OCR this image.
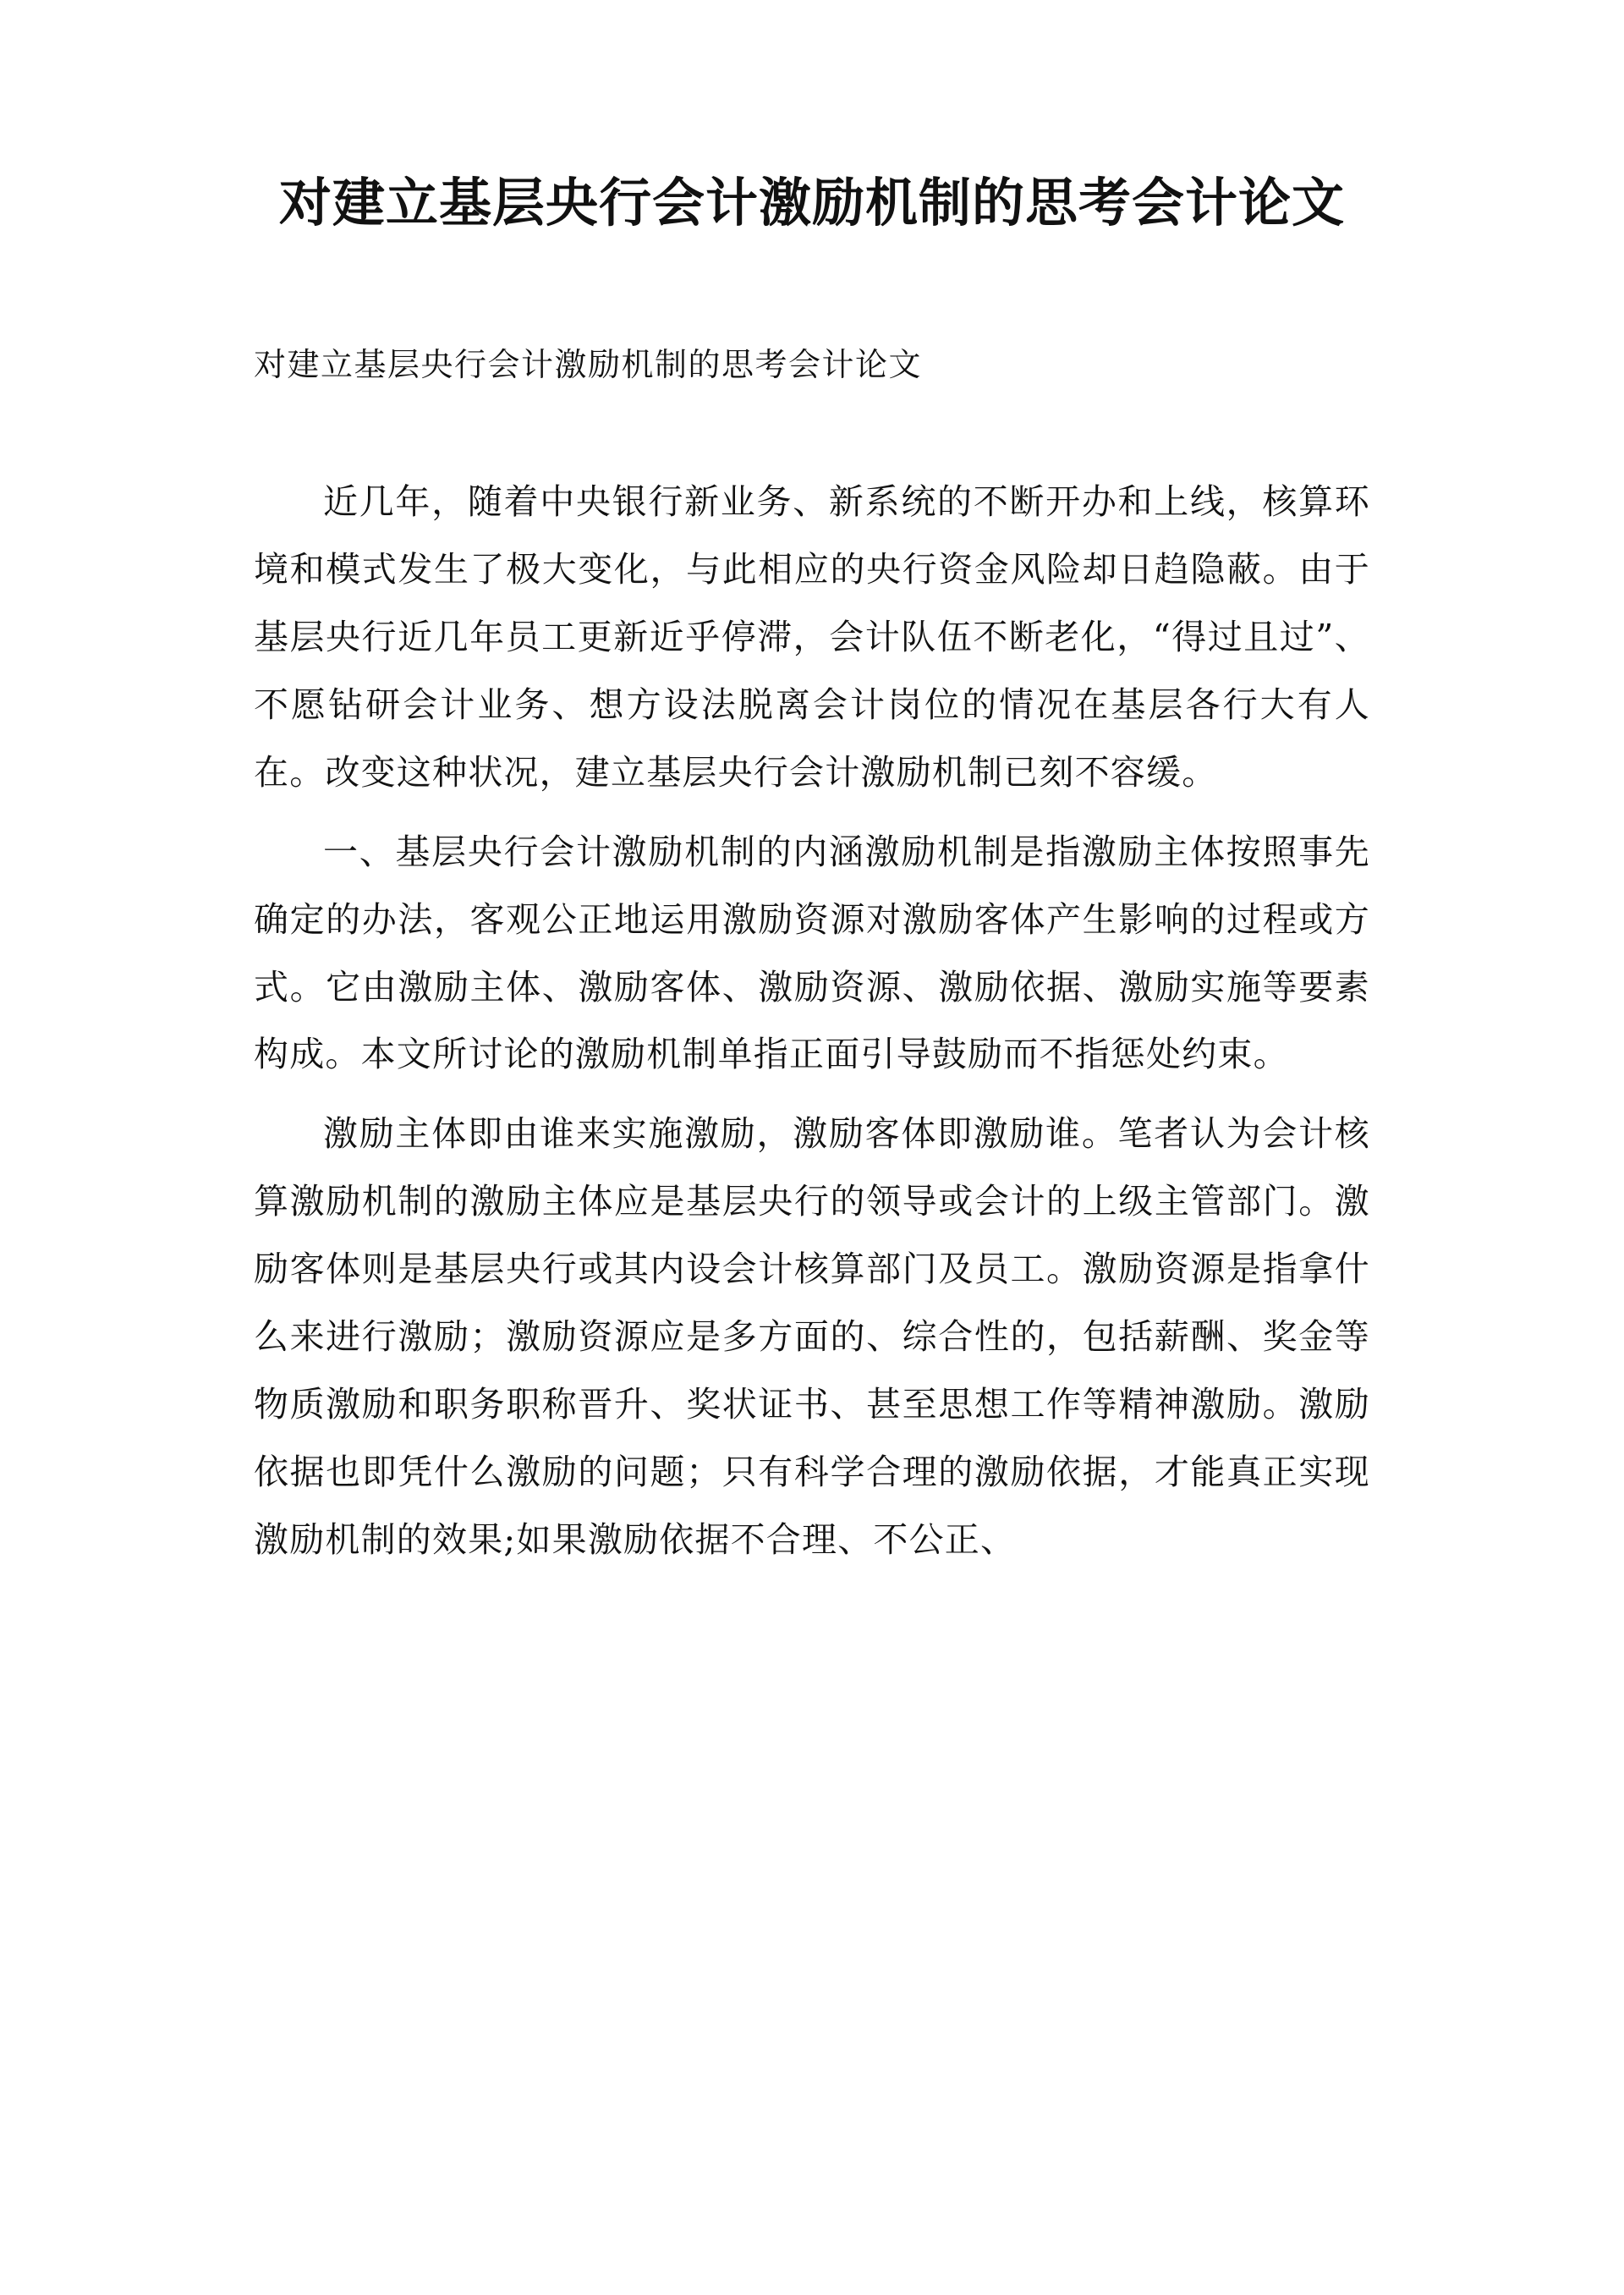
对建立基层央行会计激励机制的思考会计论文

对建立基层央行会计激励机制的思考会计论文

近几年，随着中央银行新业务、新系统的不断开办和上线，核算环境和模式发生了极大变化，与此相应的央行资金风险却日趋隐蔽。由于基层央行近几年员工更新近乎停滞，会计队伍不断老化，“得过且过”、不愿钻研会计业务、想方设法脱离会计岗位的情况在基层各行大有人在。改变这种状况，建立基层央行会计激励机制已刻不容缓。

一、基层央行会计激励机制的内涵激励机制是指激励主体按照事先确定的办法，客观公正地运用激励资源对激励客体产生影响的过程或方式。它由激励主体、激励客体、激励资源、激励依据、激励实施等要素构成。本文所讨论的激励机制单指正面引导鼓励而不指惩处约束。

激励主体即由谁来实施激励，激励客体即激励谁。笔者认为会计核算激励机制的激励主体应是基层央行的领导或会计的上级主管部门。激励客体则是基层央行或其内设会计核算部门及员工。激励资源是指拿什么来进行激励；激励资源应是多方面的、综合性的，包括薪酬、奖金等物质激励和职务职称晋升、奖状证书、甚至思想工作等精神激励。激励依据也即凭什么激励的问题；只有科学合理的激励依据，才能真正实现激励机制的效果;如果激励依据不合理、不公正、
